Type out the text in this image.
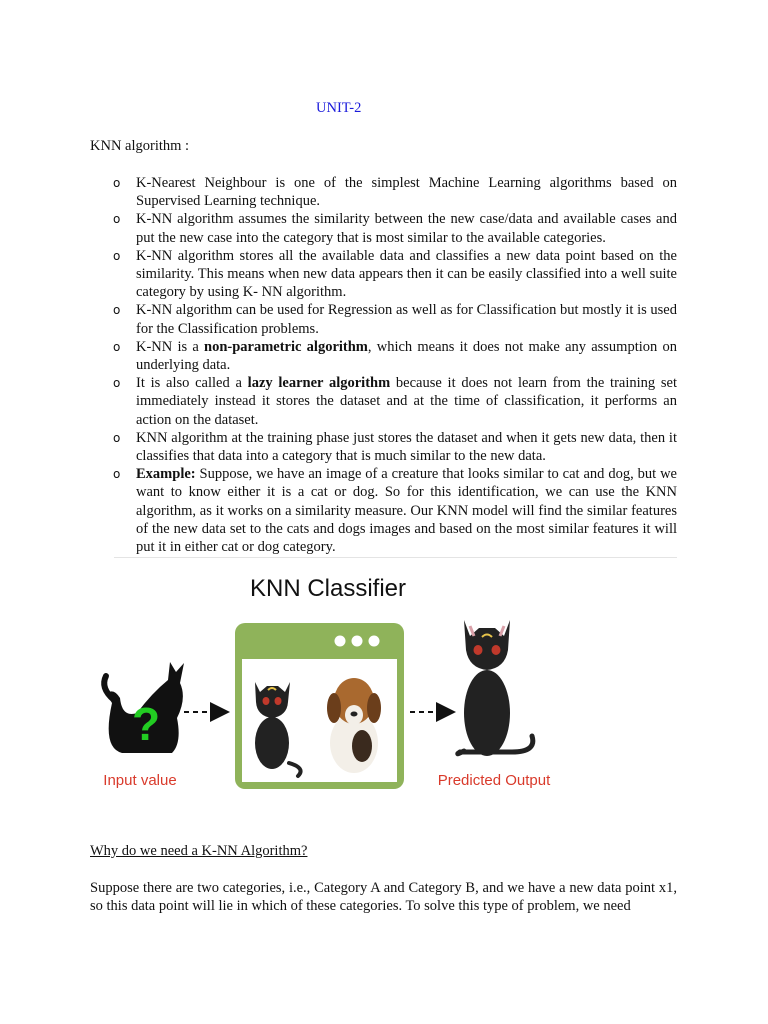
UNIT-2
KNN algorithm :
o K-Nearest Neighbour is one of the simplest Machine Learning algorithms based on Supervised Learning technique.
o K-NN algorithm assumes the similarity between the new case/data and available cases and put the new case into the category that is most similar to the available categories.
o K-NN algorithm stores all the available data and classifies a new data point based on the similarity. This means when new data appears then it can be easily classified into a well suite category by using K- NN algorithm.
o K-NN algorithm can be used for Regression as well as for Classification but mostly it is used for the Classification problems.
o K-NN is a non-parametric algorithm, which means it does not make any assumption on underlying data.
o It is also called a lazy learner algorithm because it does not learn from the training set immediately instead it stores the dataset and at the time of classification, it performs an action on the dataset.
o KNN algorithm at the training phase just stores the dataset and when it gets new data, then it classifies that data into a category that is much similar to the new data.
o Example: Suppose, we have an image of a creature that looks similar to cat and dog, but we want to know either it is a cat or dog. So for this identification, we can use the KNN algorithm, as it works on a similarity measure. Our KNN model will find the similar features of the new data set to the cats and dogs images and based on the most similar features it will put it in either cat or dog category.
KNN Classifier
?
Input value	Predicted Output
Why do we need a K-NN Algorithm?

Suppose there are two categories, i.e., Category A and Category B, and we have a new data point x1, so this data point will lie in which of these categories. To solve this type of problem, we need
